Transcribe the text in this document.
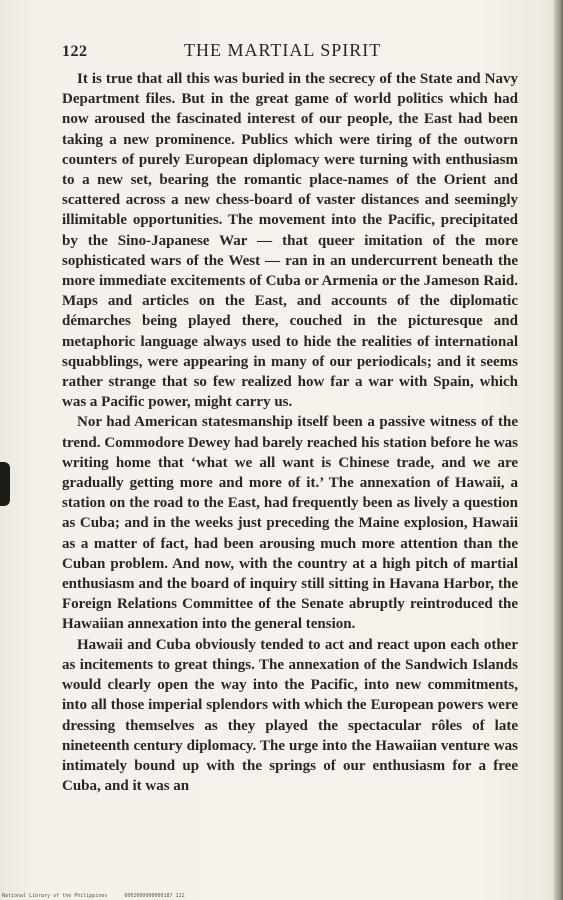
122	THE MARTIAL SPIRIT

It is true that all this was buried in the secrecy of the State and Navy Department files. But in the great game of world politics which had now aroused the fascinated interest of our people, the East had been taking a new prominence. Publics which were tiring of the outworn counters of purely European diplomacy were turning with enthusiasm to a new set, bearing the romantic place-names of the Orient and scattered across a new chess-board of vaster distances and seemingly illimitable opportunities. The movement into the Pacific, precipitated by the Sino-Japanese War — that queer imitation of the more sophisticated wars of the West — ran in an undercurrent beneath the more immediate excitements of Cuba or Armenia or the Jameson Raid. Maps and articles on the East, and accounts of the diplomatic démarches being played there, couched in the picturesque and metaphoric language always used to hide the realities of international squabblings, were appearing in many of our periodicals; and it seems rather strange that so few realized how far a war with Spain, which was a Pacific power, might carry us.

Nor had American statesmanship itself been a passive witness of the trend. Commodore Dewey had barely reached his station before he was writing home that ‘what we all want is Chinese trade, and we are gradually getting more and more of it.’ The annexation of Hawaii, a station on the road to the East, had frequently been as lively a question as Cuba; and in the weeks just preceding the Maine explosion, Hawaii as a matter of fact, had been arousing much more attention than the Cuban problem. And now, with the country at a high pitch of martial enthusiasm and the board of inquiry still sitting in Havana Harbor, the Foreign Relations Committee of the Senate abruptly reintroduced the Hawaiian annexation into the general tension.

Hawaii and Cuba obviously tended to act and react upon each other as incitements to great things. The annexation of the Sandwich Islands would clearly open the way into the Pacific, into new commitments, into all those imperial splendors with which the European powers were dressing themselves as they played the spectacular rôles of late nineteenth century diplomacy. The urge into the Hawaiian venture was intimately bound up with the springs of our enthusiasm for a free Cuba, and it was an

National Library of the Philippines	0002000000000187 122
